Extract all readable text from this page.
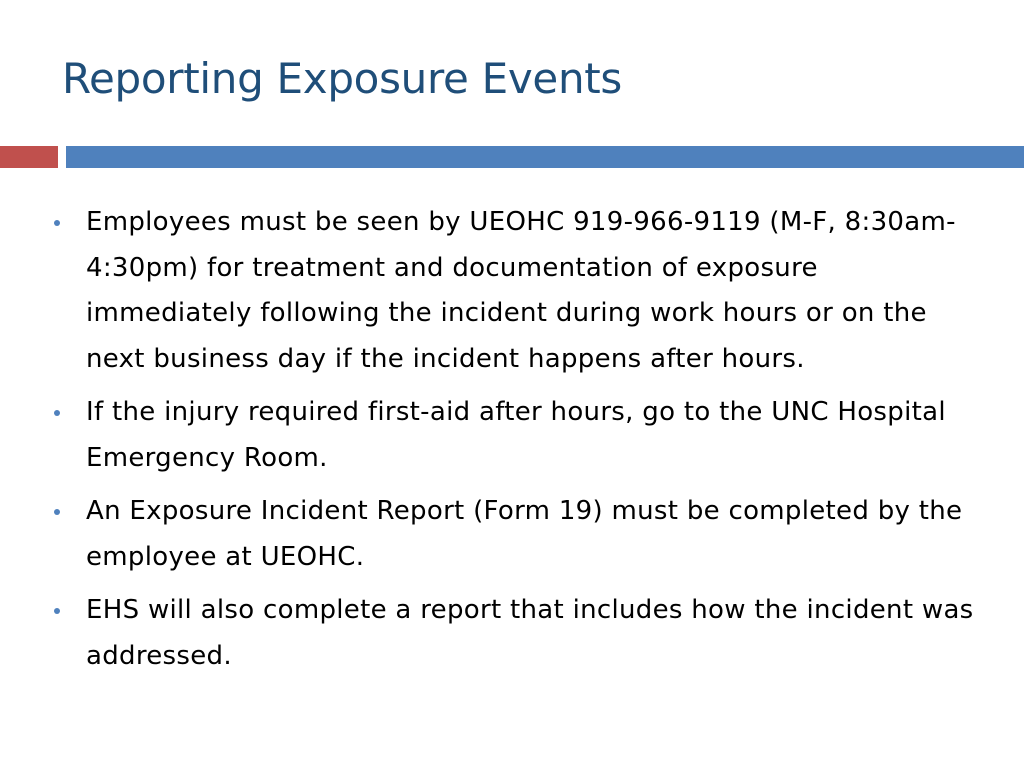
Reporting Exposure Events
Employees must be seen by UEOHC 919-966-9119 (M-F, 8:30am-4:30pm) for treatment and documentation of exposure immediately following the incident during work hours or on the next business day if the incident happens after hours.
If the injury required first-aid after hours, go to the UNC Hospital Emergency Room.
An Exposure Incident Report (Form 19) must be completed by the employee at UEOHC.
EHS will also complete a report that includes how the incident was addressed.
